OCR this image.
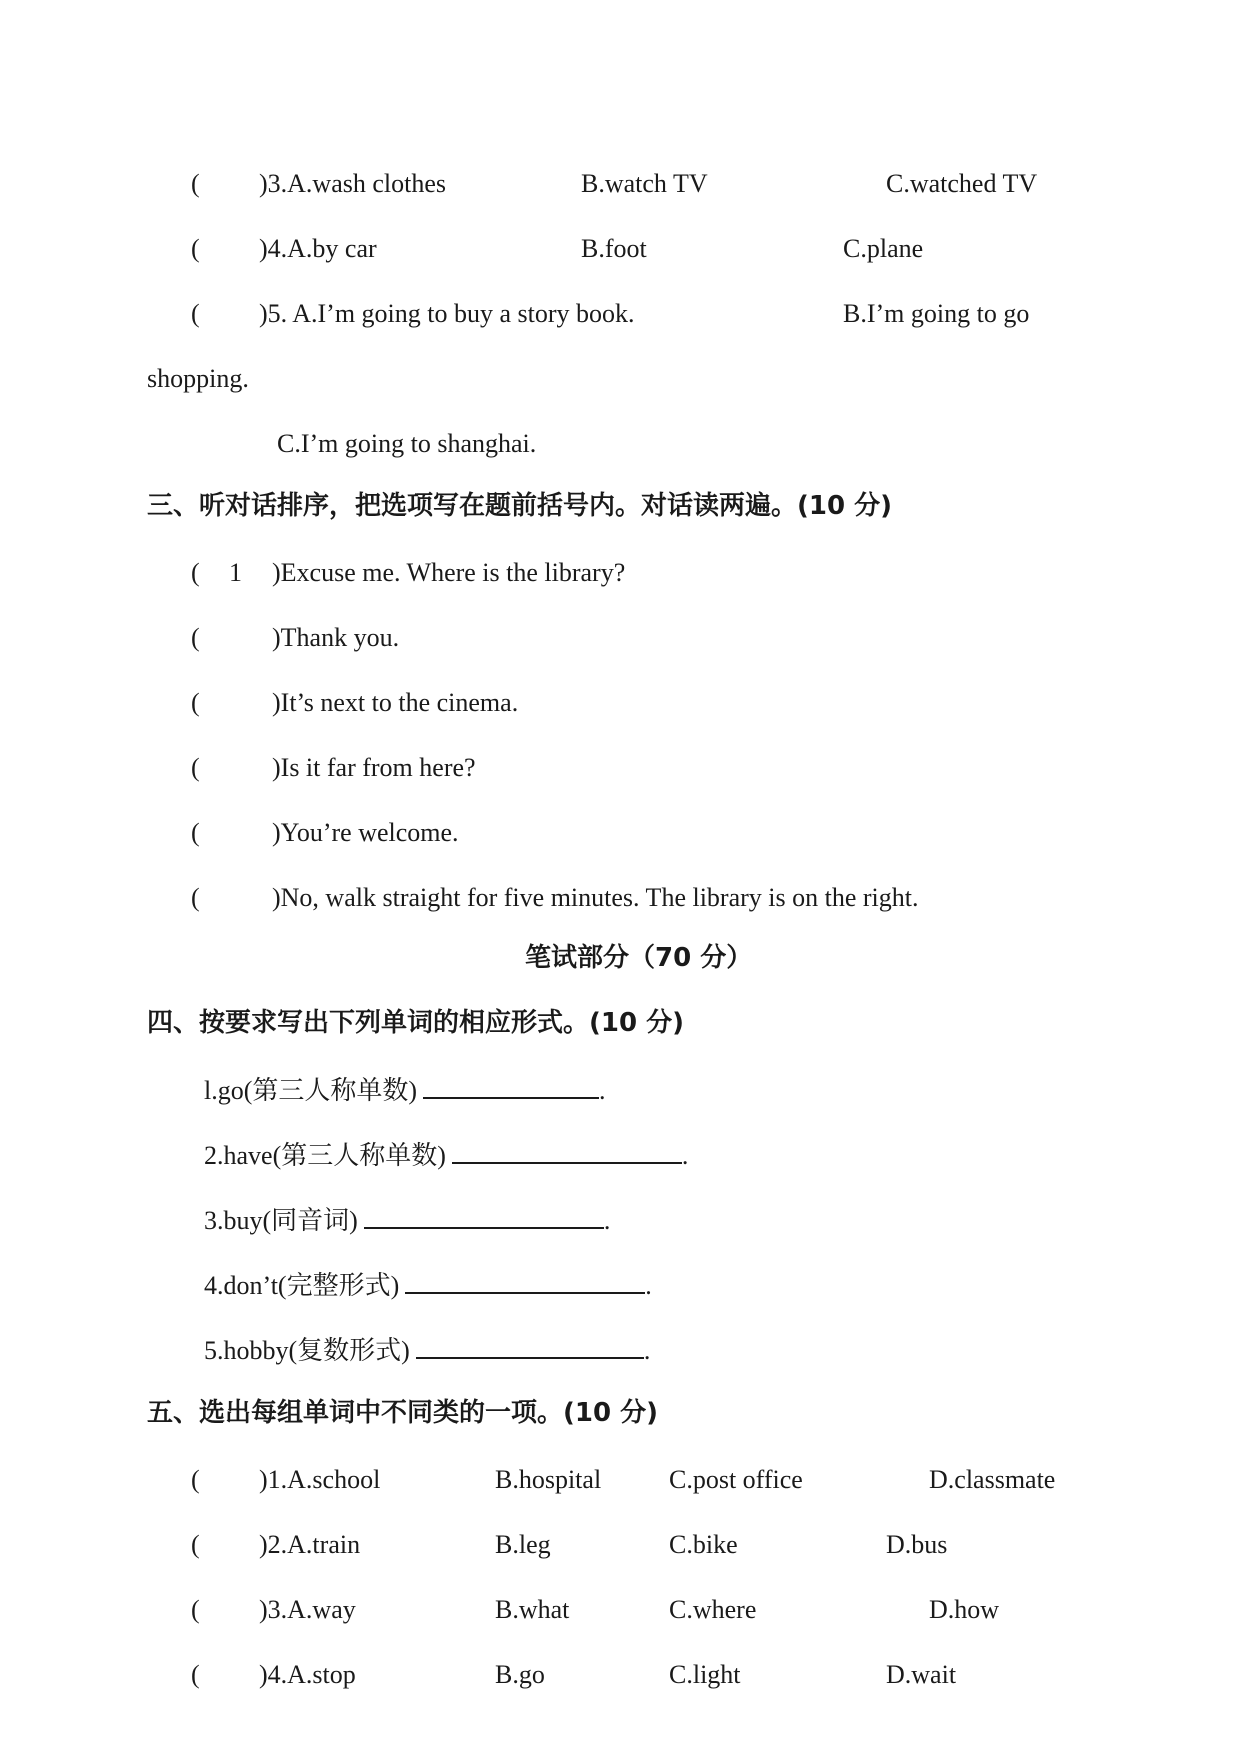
( )3.A.wash clothes	B.watch TV	C.watched TV
( )4.A.by car	B.foot	C.plane
( )5. A.I’m going to buy a story book.	B.I’m going to go
shopping.
C.I’m going to shanghai.
三、听对话排序，把选项写在题前括号内。对话读两遍。(10 分)
( 1 )Excuse me. Where is the library?
(	)Thank you.
(	)It’s next to the cinema.
(	)Is it far from here?
(	)You’re welcome.
(	)No, walk straight for five minutes. The library is on the right.
笔试部分（70 分）
四、按要求写出下列单词的相应形式。(10 分)
l.go(第三人称单数)	.
2.have(第三人称单数)	.
3.buy(同音词)	.
4.don’t(完整形式)	.
5.hobby(复数形式)	.
五、选出每组单词中不同类的一项。(10 分)
( )1.A.school	B.hospital	C.post office	D.classmate
( )2.A.train	B.leg	C.bike	D.bus
( )3.A.way	B.what	C.where	D.how
( )4.A.stop	B.go	C.light	D.wait
